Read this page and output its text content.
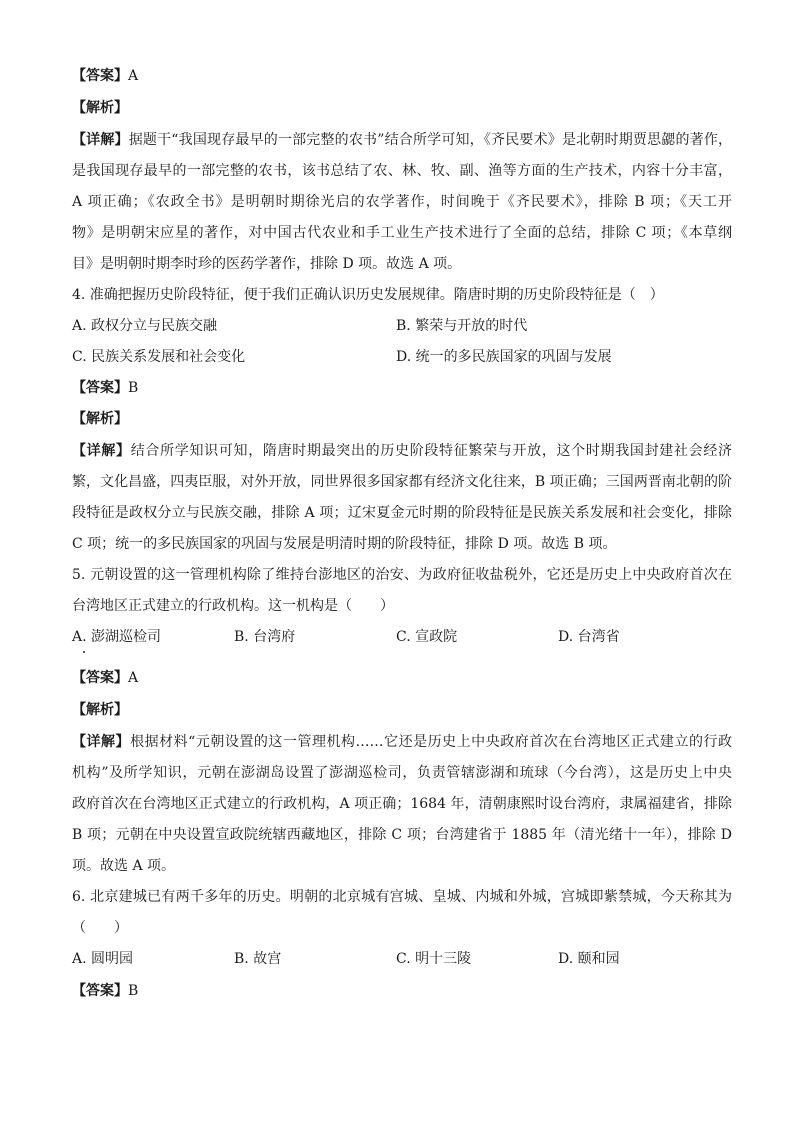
【答案】A
【解析】
【详解】据题干“我国现存最早的一部完整的农书”结合所学可知，《齐民要术》是北朝时期贾思勰的著作，
是我国现存最早的一部完整的农书，该书总结了农、林、牧、副、渔等方面的生产技术，内容十分丰富，
A 项正确；《农政全书》是明朝时期徐光启的农学著作，时间晚于《齐民要术》，排除 B 项；《天工开
物》是明朝宋应星的著作，对中国古代农业和手工业生产技术进行了全面的总结，排除 C 项；《本草纲
目》是明朝时期李时珍的医药学著作，排除 D 项。故选 A 项。
4. 准确把握历史阶段特征，便于我们正确认识历史发展规律。隋唐时期的历史阶段特征是（　）
A. 政权分立与民族交融	B. 繁荣与开放的时代
C. 民族关系发展和社会变化	D. 统一的多民族国家的巩固与发展
【答案】B
【解析】
【详解】结合所学知识可知，隋唐时期最突出的历史阶段特征繁荣与开放，这个时期我国封建社会经济
繁，文化昌盛，四夷臣服，对外开放，同世界很多国家都有经济文化往来，B 项正确；三国两晋南北朝的阶
段特征是政权分立与民族交融，排除 A 项；辽宋夏金元时期的阶段特征是民族关系发展和社会变化，排除
C 项；统一的多民族国家的巩固与发展是明清时期的阶段特征，排除 D 项。故选 B 项。
5. 元朝设置的这一管理机构除了维持台澎地区的治安、为政府征收盐税外，它还是历史上中央政府首次在
台湾地区正式建立的行政机构。这一机构是（　　）
A. 澎湖巡检司	B. 台湾府	C. 宣政院	D. 台湾省
【答案】A
【解析】
【详解】根据材料“元朝设置的这一管理机构……它还是历史上中央政府首次在台湾地区正式建立的行政
机构”及所学知识，元朝在澎湖岛设置了澎湖巡检司，负责管辖澎湖和琉球（今台湾），这是历史上中央
政府首次在台湾地区正式建立的行政机构，A 项正确；1684 年，清朝康熙时设台湾府，隶属福建省，排除
B 项；元朝在中央设置宣政院统辖西藏地区，排除 C 项；台湾建省于 1885 年（清光绪十一年），排除 D
项。故选 A 项。
6. 北京建城已有两千多年的历史。明朝的北京城有宫城、皇城、内城和外城，宫城即紫禁城，今天称其为
（　　）
A. 圆明园	B. 故宫	C. 明十三陵	D. 颐和园
【答案】B
